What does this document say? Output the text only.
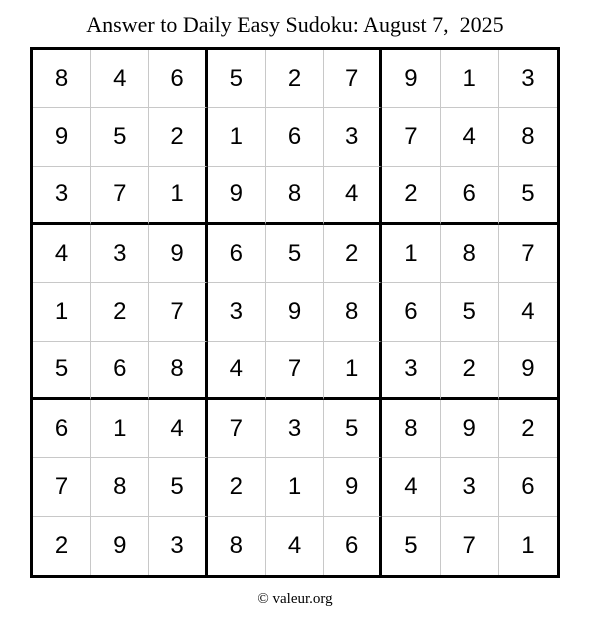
Answer to Daily Easy Sudoku: August 7,  2025
8	4	6	5	2	7	9	1	3
9	5	2	1	6	3	7	4	8
3	7	1	9	8	4	2	6	5
4	3	9	6	5	2	1	8	7
1	2	7	3	9	8	6	5	4
5	6	8	4	7	1	3	2	9
6	1	4	7	3	5	8	9	2
7	8	5	2	1	9	4	3	6
2	9	3	8	4	6	5	7	1
© valeur.org
